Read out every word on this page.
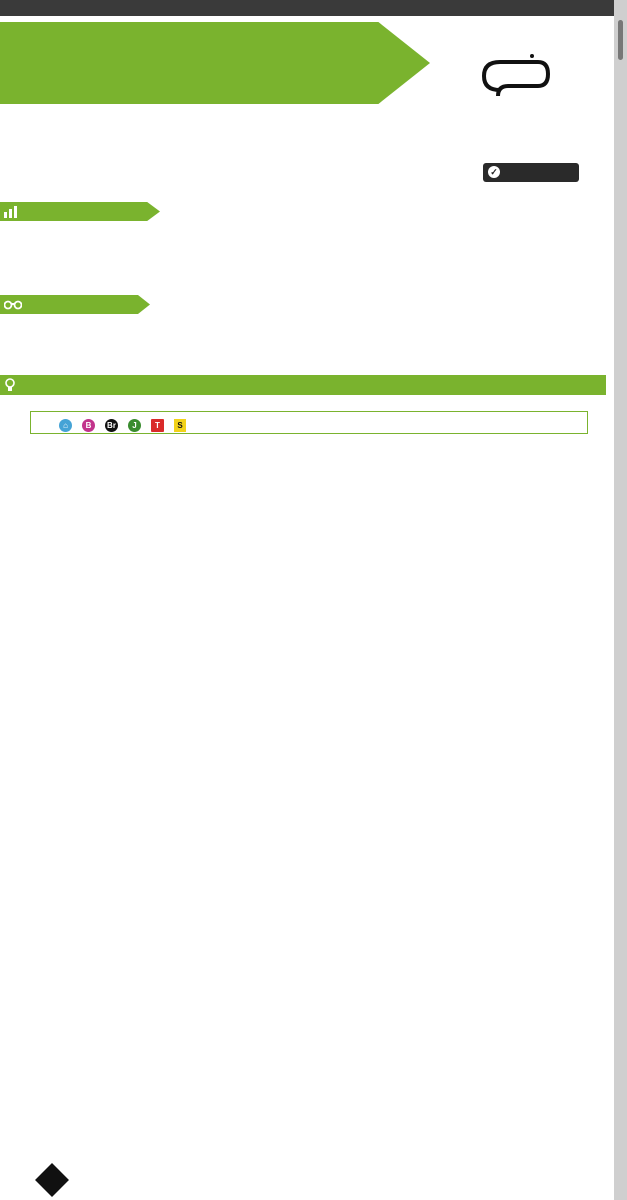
✓
⌂	B	Br	J	T	S
